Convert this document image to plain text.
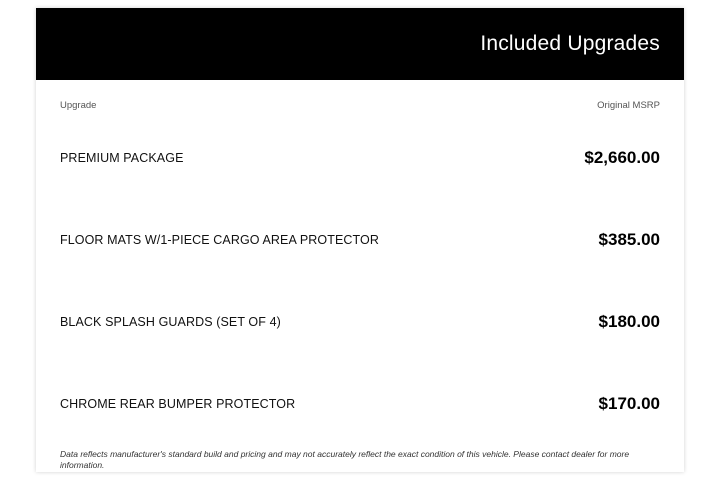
Included Upgrades
Upgrade	Original MSRP
PREMIUM PACKAGE	$2,660.00
FLOOR MATS W/1-PIECE CARGO AREA PROTECTOR	$385.00
BLACK SPLASH GUARDS (SET OF 4)	$180.00
CHROME REAR BUMPER PROTECTOR	$170.00
Data reflects manufacturer's standard build and pricing and may not accurately reflect the exact condition of this vehicle. Please contact dealer for more information.
